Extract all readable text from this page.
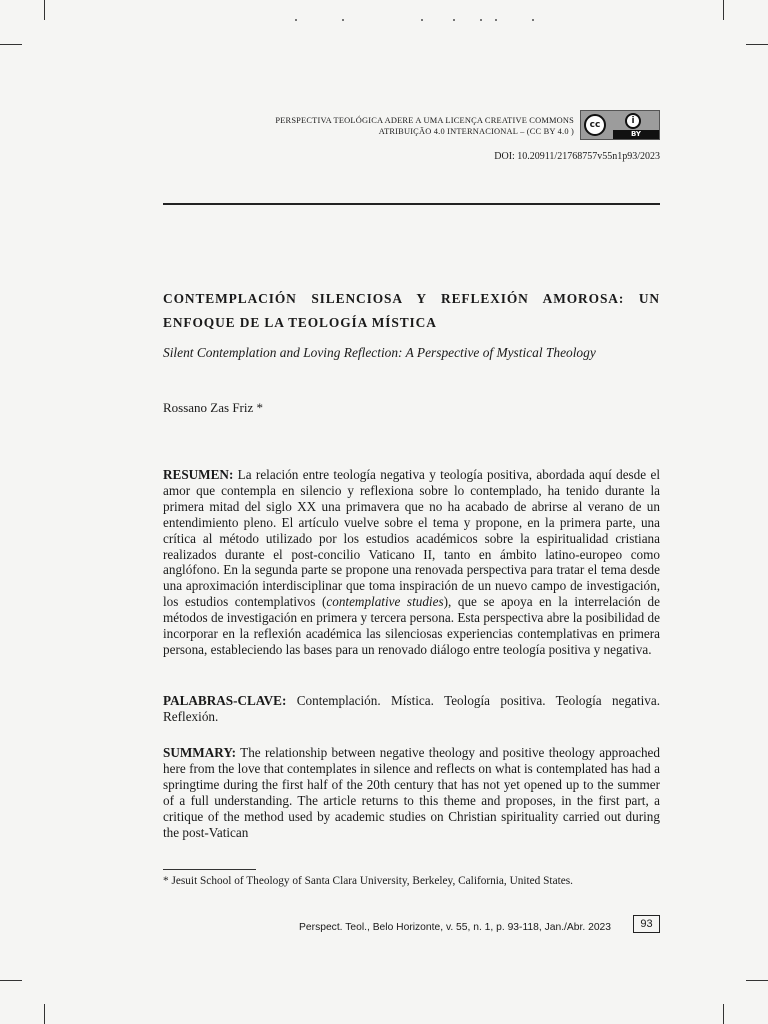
PERSPECTIVA TEOLÓGICA ADERE A UMA LICENÇA CREATIVE COMMONS
ATRIBUIÇÃO 4.0 INTERNACIONAL – (CC BY 4.0 )
cc	i
BY
DOI: 10.20911/21768757v55n1p93/2023
CONTEMPLACIÓN SILENCIOSA Y REFLEXIÓN AMOROSA: UN ENFOQUE DE LA TEOLOGÍA MÍSTICA
Silent Contemplation and Loving Reflection: A Perspective of Mystical Theology
Rossano Zas Friz *
RESUMEN: La relación entre teología negativa y teología positiva, abordada aquí desde el amor que contempla en silencio y reflexiona sobre lo contemplado, ha tenido durante la primera mitad del siglo XX una primavera que no ha acabado de abrirse al verano de un entendimiento pleno. El artículo vuelve sobre el tema y propone, en la primera parte, una crítica al método utilizado por los estudios académicos sobre la espiritualidad cristiana realizados durante el post-concilio Vaticano II, tanto en ámbito latino-europeo como anglófono. En la segunda parte se propone una renovada perspectiva para tratar el tema desde una aproximación interdisciplinar que toma inspiración de un nuevo campo de investigación, los estudios contemplativos (contemplative studies), que se apoya en la interrelación de métodos de investigación en primera y tercera persona. Esta perspectiva abre la posibilidad de incorporar en la reflexión académica las silenciosas experiencias contemplativas en primera persona, estableciendo las bases para un renovado diálogo entre teología positiva y negativa.
PALABRAS-CLAVE: Contemplación. Mística. Teología positiva. Teología negativa. Reflexión.
SUMMARY: The relationship between negative theology and positive theology approached here from the love that contemplates in silence and reflects on what is contemplated has had a springtime during the first half of the 20th century that has not yet opened up to the summer of a full understanding. The article returns to this theme and proposes, in the first part, a critique of the method used by academic studies on Christian spirituality carried out during the post-Vatican
* Jesuit School of Theology of Santa Clara University, Berkeley, California, United States.
Perspect. Teol., Belo Horizonte, v. 55, n. 1, p. 93-118, Jan./Abr. 2023	93
